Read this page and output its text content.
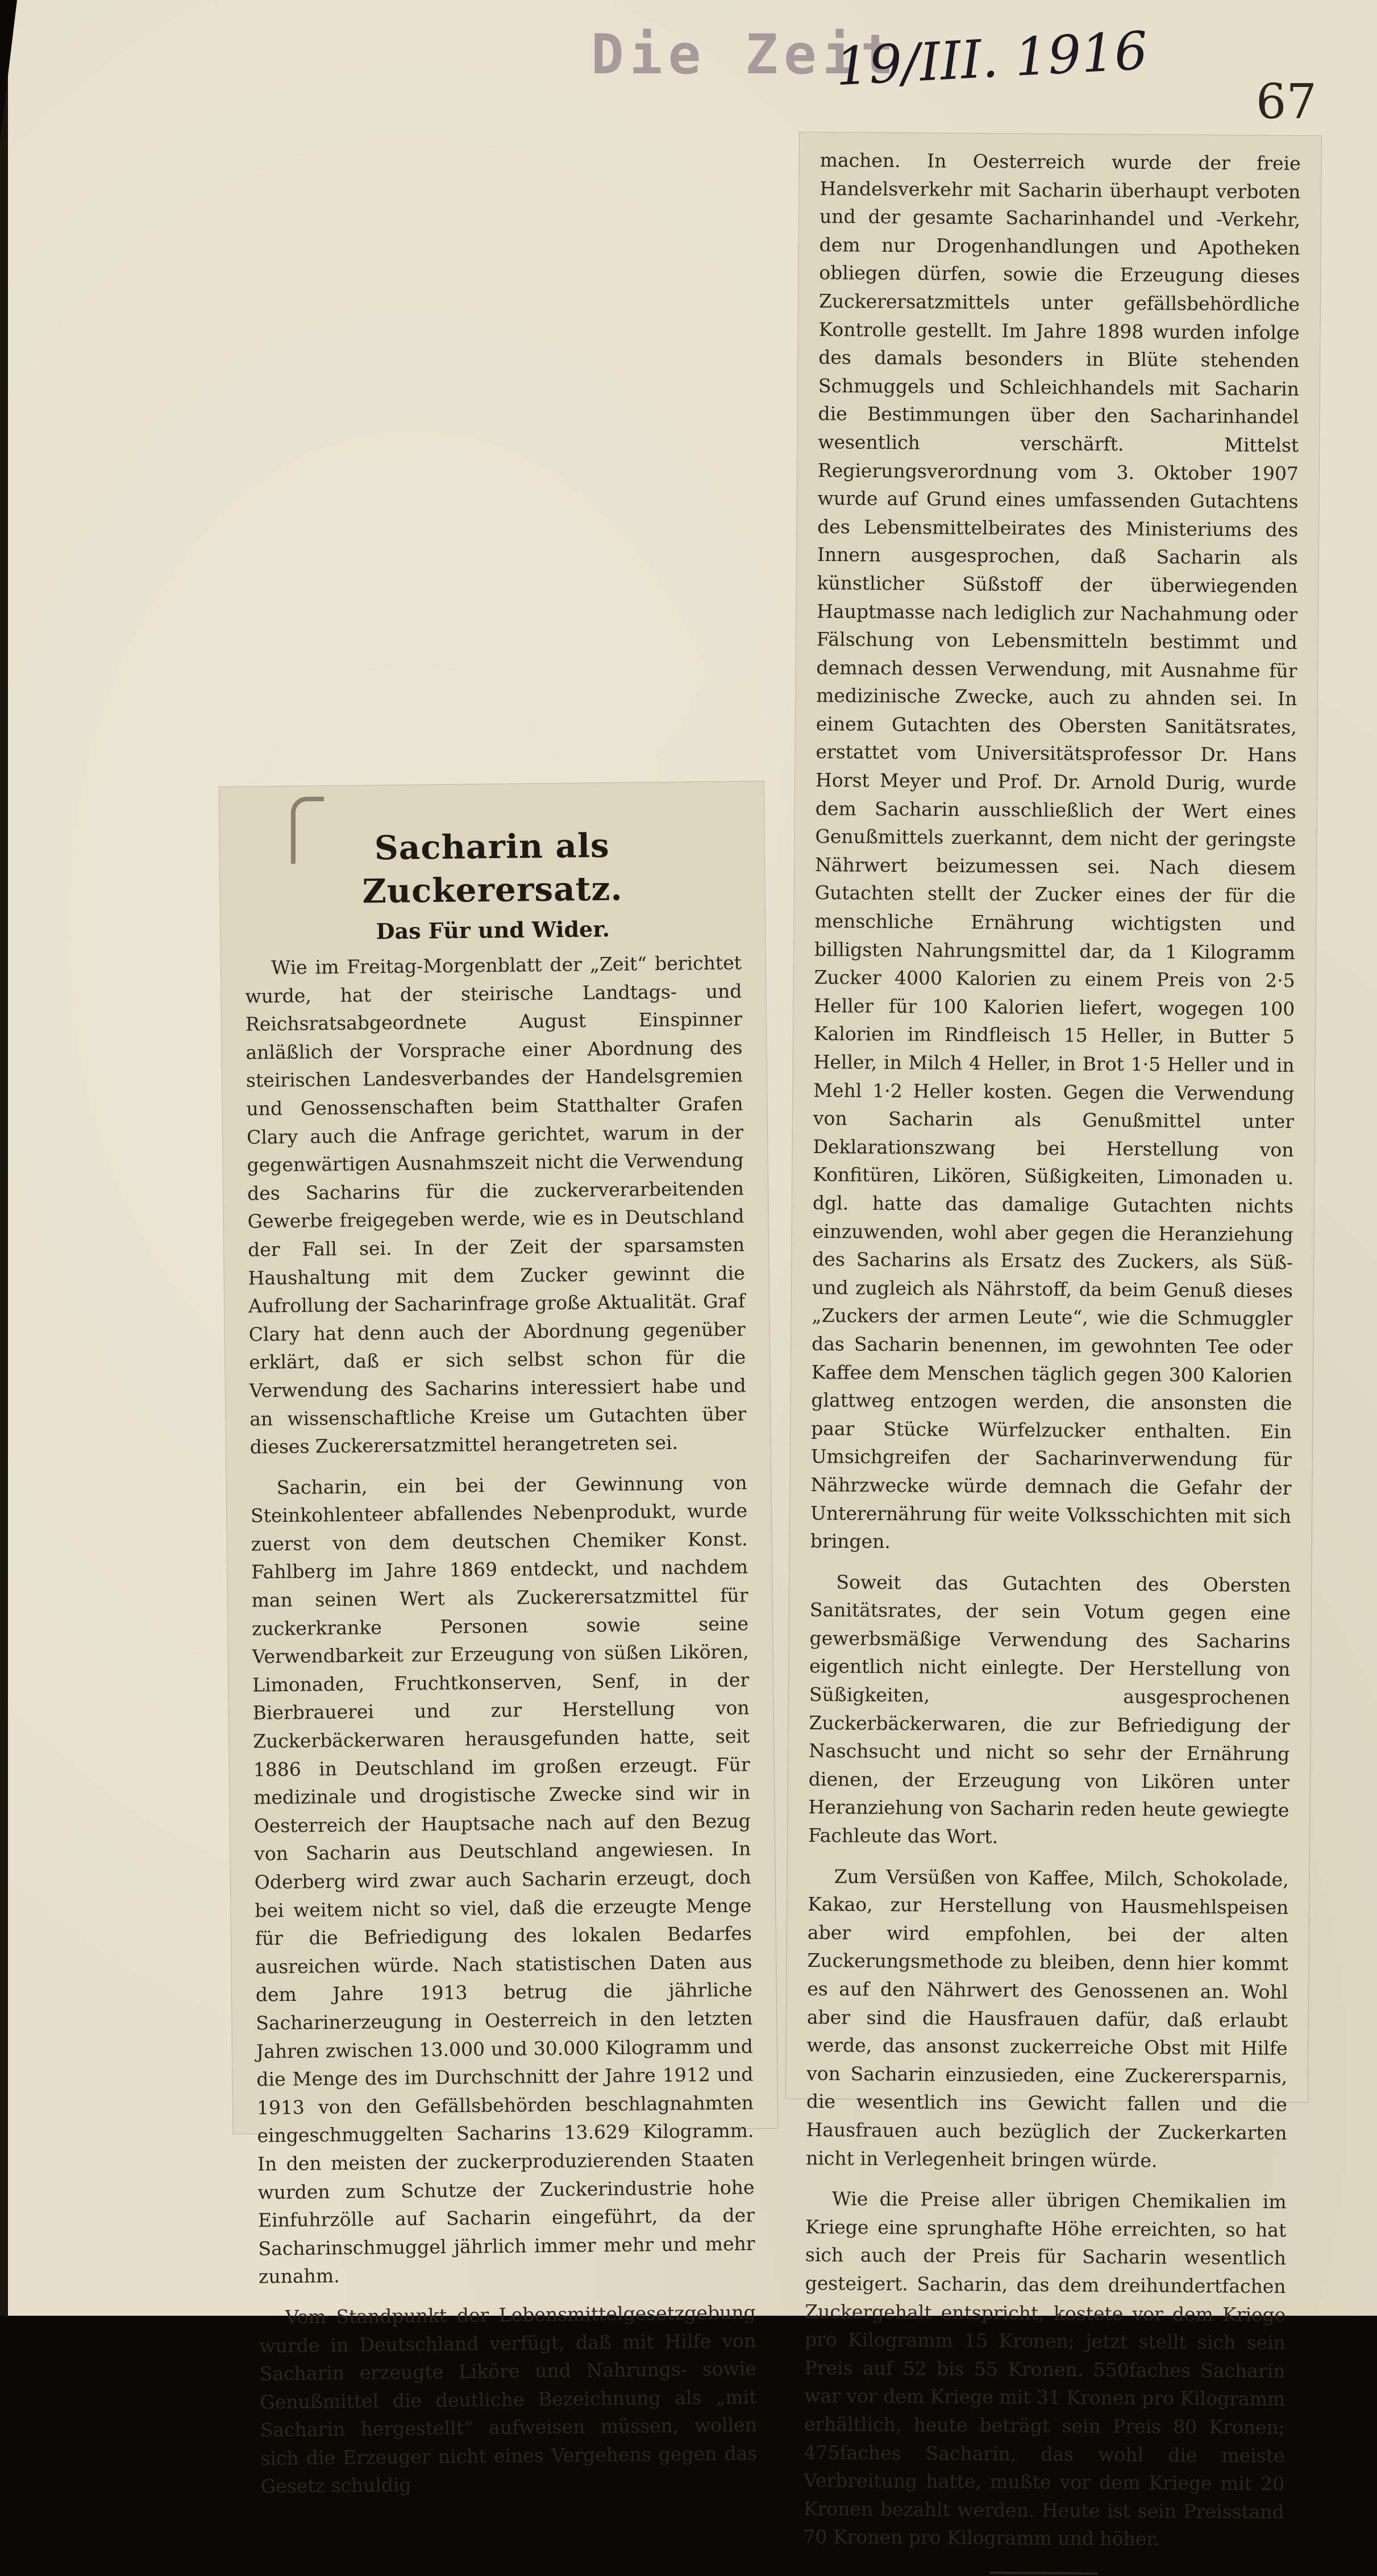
Die Zeit
19/III. 1916
67
Sacharin als Zuckerersatz.
Das Für und Wider.

Wie im Freitag-Morgenblatt der „Zeit“ berichtet wurde, hat der steirische Landtags- und Reichsratsabgeordnete August Einspinner anläßlich der Vorsprache einer Abordnung des steirischen Landesverbandes der Handelsgremien und Genossenschaften beim Statthalter Grafen Clary auch die Anfrage gerichtet, warum in der gegenwärtigen Ausnahmszeit nicht die Verwendung des Sacharins für die zuckerverarbeitenden Gewerbe freigegeben werde, wie es in Deutschland der Fall sei. In der Zeit der sparsamsten Haushaltung mit dem Zucker gewinnt die Aufrollung der Sacharinfrage große Aktualität. Graf Clary hat denn auch der Abordnung gegenüber erklärt, daß er sich selbst schon für die Verwendung des Sacharins interessiert habe und an wissenschaftliche Kreise um Gutachten über dieses Zuckerersatzmittel herangetreten sei.

Sacharin, ein bei der Gewinnung von Steinkohlenteer abfallendes Nebenprodukt, wurde zuerst von dem deutschen Chemiker Konst. Fahlberg im Jahre 1869 entdeckt, und nachdem man seinen Wert als Zuckerersatzmittel für zuckerkranke Personen sowie seine Verwendbarkeit zur Erzeugung von süßen Likören, Limonaden, Fruchtkonserven, Senf, in der Bierbrauerei und zur Herstellung von Zuckerbäckerwaren herausgefunden hatte, seit 1886 in Deutschland im großen erzeugt. Für medizinale und drogistische Zwecke sind wir in Oesterreich der Hauptsache nach auf den Bezug von Sacharin aus Deutschland angewiesen. In Oderberg wird zwar auch Sacharin erzeugt, doch bei weitem nicht so viel, daß die erzeugte Menge für die Befriedigung des lokalen Bedarfes ausreichen würde. Nach statistischen Daten aus dem Jahre 1913 betrug die jährliche Sacharinerzeugung in Oesterreich in den letzten Jahren zwischen 13.000 und 30.000 Kilogramm und die Menge des im Durchschnitt der Jahre 1912 und 1913 von den Gefällsbehörden beschlagnahmten eingeschmuggelten Sacharins 13.629 Kilogramm. In den meisten der zuckerproduzierenden Staaten wurden zum Schutze der Zuckerindustrie hohe Einfuhrzölle auf Sacharin eingeführt, da der Sacharinschmuggel jährlich immer mehr und mehr zunahm.

Vom Standpunkt der Lebensmittelgesetzgebung wurde in Deutschland verfügt, daß mit Hilfe von Sacharin erzeugte Liköre und Nahrungs- sowie Genußmittel die deutliche Bezeichnung als „mit Sacharin hergestellt“ aufweisen müssen, wollen sich die Erzeuger nicht eines Vergehens gegen das Gesetz schuldig

machen. In Oesterreich wurde der freie Handelsverkehr mit Sacharin überhaupt verboten und der gesamte Sacharinhandel und -Verkehr, dem nur Drogenhandlungen und Apotheken obliegen dürfen, sowie die Erzeugung dieses Zuckerersatzmittels unter gefällsbehördliche Kontrolle gestellt. Im Jahre 1898 wurden infolge des damals besonders in Blüte stehenden Schmuggels und Schleichhandels mit Sacharin die Bestimmungen über den Sacharinhandel wesentlich verschärft. Mittelst Regierungsverordnung vom 3. Oktober 1907 wurde auf Grund eines umfassenden Gutachtens des Lebensmittelbeirates des Ministeriums des Innern ausgesprochen, daß Sacharin als künstlicher Süßstoff der überwiegenden Hauptmasse nach lediglich zur Nachahmung oder Fälschung von Lebensmitteln bestimmt und demnach dessen Verwendung, mit Ausnahme für medizinische Zwecke, auch zu ahnden sei. In einem Gutachten des Obersten Sanitätsrates, erstattet vom Universitätsprofessor Dr. Hans Horst Meyer und Prof. Dr. Arnold Durig, wurde dem Sacharin ausschließlich der Wert eines Genußmittels zuerkannt, dem nicht der geringste Nährwert beizumessen sei. Nach diesem Gutachten stellt der Zucker eines der für die menschliche Ernährung wichtigsten und billigsten Nahrungsmittel dar, da 1 Kilogramm Zucker 4000 Kalorien zu einem Preis von 2·5 Heller für 100 Kalorien liefert, wogegen 100 Kalorien im Rindfleisch 15 Heller, in Butter 5 Heller, in Milch 4 Heller, in Brot 1·5 Heller und in Mehl 1·2 Heller kosten. Gegen die Verwendung von Sacharin als Genußmittel unter Deklarationszwang bei Herstellung von Konfitüren, Likören, Süßigkeiten, Limonaden u. dgl. hatte das damalige Gutachten nichts einzuwenden, wohl aber gegen die Heranziehung des Sacharins als Ersatz des Zuckers, als Süß- und zugleich als Nährstoff, da beim Genuß dieses „Zuckers der armen Leute“, wie die Schmuggler das Sacharin benennen, im gewohnten Tee oder Kaffee dem Menschen täglich gegen 300 Kalorien glattweg entzogen werden, die ansonsten die paar Stücke Würfelzucker enthalten. Ein Umsichgreifen der Sacharinverwendung für Nährzwecke würde demnach die Gefahr der Unterernährung für weite Volksschichten mit sich bringen.

Soweit das Gutachten des Obersten Sanitätsrates, der sein Votum gegen eine gewerbsmäßige Verwendung des Sacharins eigentlich nicht einlegte. Der Herstellung von Süßigkeiten, ausgesprochenen Zuckerbäckerwaren, die zur Befriedigung der Naschsucht und nicht so sehr der Ernährung dienen, der Erzeugung von Likören unter Heranziehung von Sacharin reden heute gewiegte Fachleute das Wort.

Zum Versüßen von Kaffee, Milch, Schokolade, Kakao, zur Herstellung von Hausmehlspeisen aber wird empfohlen, bei der alten Zuckerungsmethode zu bleiben, denn hier kommt es auf den Nährwert des Genossenen an. Wohl aber sind die Hausfrauen dafür, daß erlaubt werde, das ansonst zuckerreiche Obst mit Hilfe von Sacharin einzusieden, eine Zuckerersparnis, die wesentlich ins Gewicht fallen und die Hausfrauen auch bezüglich der Zuckerkarten nicht in Verlegenheit bringen würde.

Wie die Preise aller übrigen Chemikalien im Kriege eine sprunghafte Höhe erreichten, so hat sich auch der Preis für Sacharin wesentlich gesteigert. Sacharin, das dem dreihundertfachen Zuckergehalt entspricht, kostete vor dem Kriege pro Kilogramm 15 Kronen; jetzt stellt sich sein Preis auf 52 bis 55 Kronen. 550faches Sacharin war vor dem Kriege mit 31 Kronen pro Kilogramm erhältlich, heute beträgt sein Preis 80 Kronen; 475faches Sacharin, das wohl die meiste Verbreitung hatte, mußte vor dem Kriege mit 20 Kronen bezahlt werden. Heute ist sein Preisstand 70 Kronen pro Kilogramm und höher.
